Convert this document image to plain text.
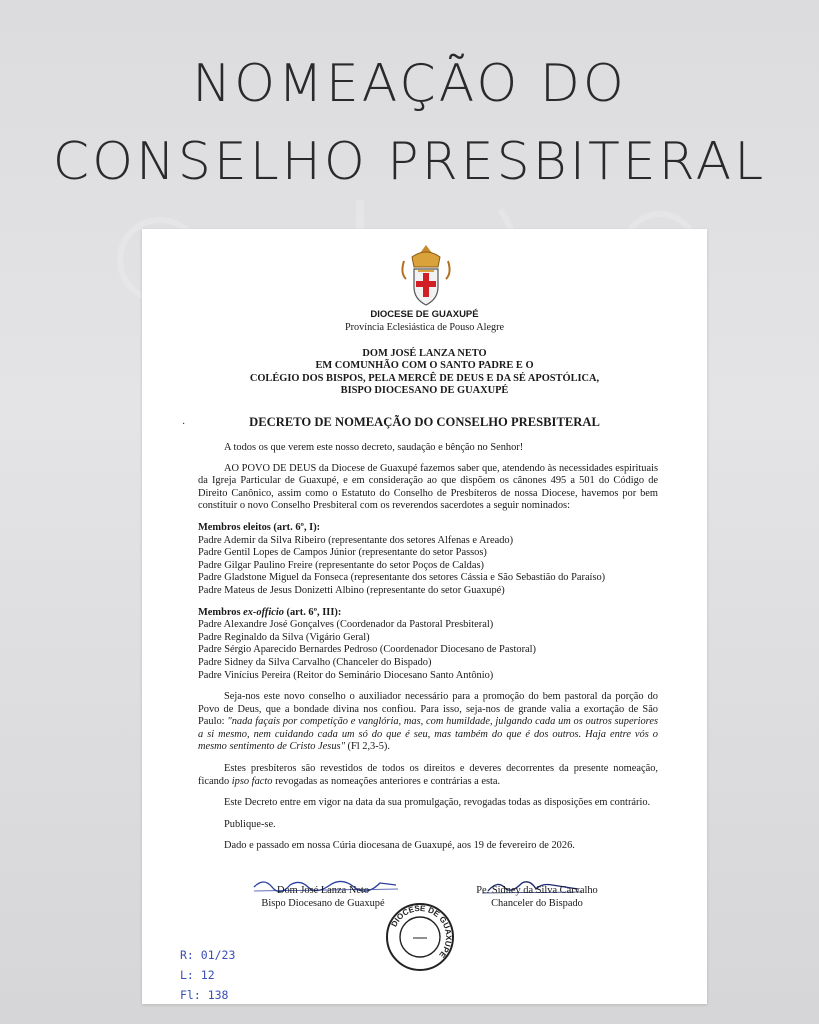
NOMEAÇÃO DO
CONSELHO PRESBITERAL
DIOCESE DE GUAXUPÉ
Província Eclesiástica de Pouso Alegre
DOM JOSÉ LANZA NETO
EM COMUNHÃO COM O SANTO PADRE E O
COLÉGIO DOS BISPOS, PELA MERCÊ DE DEUS E DA SÉ APOSTÓLICA,
BISPO DIOCESANO DE GUAXUPÉ
·	DECRETO DE NOMEAÇÃO DO CONSELHO PRESBITERAL

A todos os que verem este nosso decreto, saudação e bênção no Senhor!

AO POVO DE DEUS da Diocese de Guaxupé fazemos saber que, atendendo às necessidades espirituais da Igreja Particular de Guaxupé, e em consideração ao que dispõem os cânones 495 a 501 do Código de Direito Canônico, assim como o Estatuto do Conselho de Presbíteros de nossa Diocese, havemos por bem constituir o novo Conselho Presbiteral com os reverendos sacerdotes a seguir nominados:

Membros eleitos (art. 6º, I):
Padre Ademir da Silva Ribeiro (representante dos setores Alfenas e Areado)
Padre Gentil Lopes de Campos Júnior (representante do setor Passos)
Padre Gilgar Paulino Freire (representante do setor Poços de Caldas)
Padre Gladstone Miguel da Fonseca (representante dos setores Cássia e São Sebastião do Paraíso)
Padre Mateus de Jesus Donizetti Albino (representante do setor Guaxupé)
Membros ex-officio (art. 6º, III):
Padre Alexandre José Gonçalves (Coordenador da Pastoral Presbiteral)
Padre Reginaldo da Silva (Vigário Geral)
Padre Sérgio Aparecido Bernardes Pedroso (Coordenador Diocesano de Pastoral)
Padre Sidney da Silva Carvalho (Chanceler do Bispado)
Padre Vinícius Pereira (Reitor do Seminário Diocesano Santo Antônio)

Seja-nos este novo conselho o auxiliador necessário para a promoção do bem pastoral da porção do Povo de Deus, que a bondade divina nos confiou. Para isso, seja-nos de grande valia a exortação de São Paulo: "nada façais por competição e vanglória, mas, com humildade, julgando cada um os outros superiores a si mesmo, nem cuidando cada um só do que é seu, mas também do que é dos outros. Haja entre vós o mesmo sentimento de Cristo Jesus" (Fl 2,3-5).

Estes presbíteros são revestidos de todos os direitos e deveres decorrentes da presente nomeação, ficando ipso facto revogadas as nomeações anteriores e contrárias a esta.

Este Decreto entre em vigor na data da sua promulgação, revogadas todas as disposições em contrário.

Publique-se.

Dado e passado em nossa Cúria diocesana de Guaxupé, aos 19 de fevereiro de 2026.

Dom José Lanza Neto
Bispo Diocesano de Guaxupé
Pe. Sidney da Silva Carvalho
Chanceler do Bispado
DIOCESE DE GUAXUPÉ
R: 01/23
L: 12
Fl: 138
